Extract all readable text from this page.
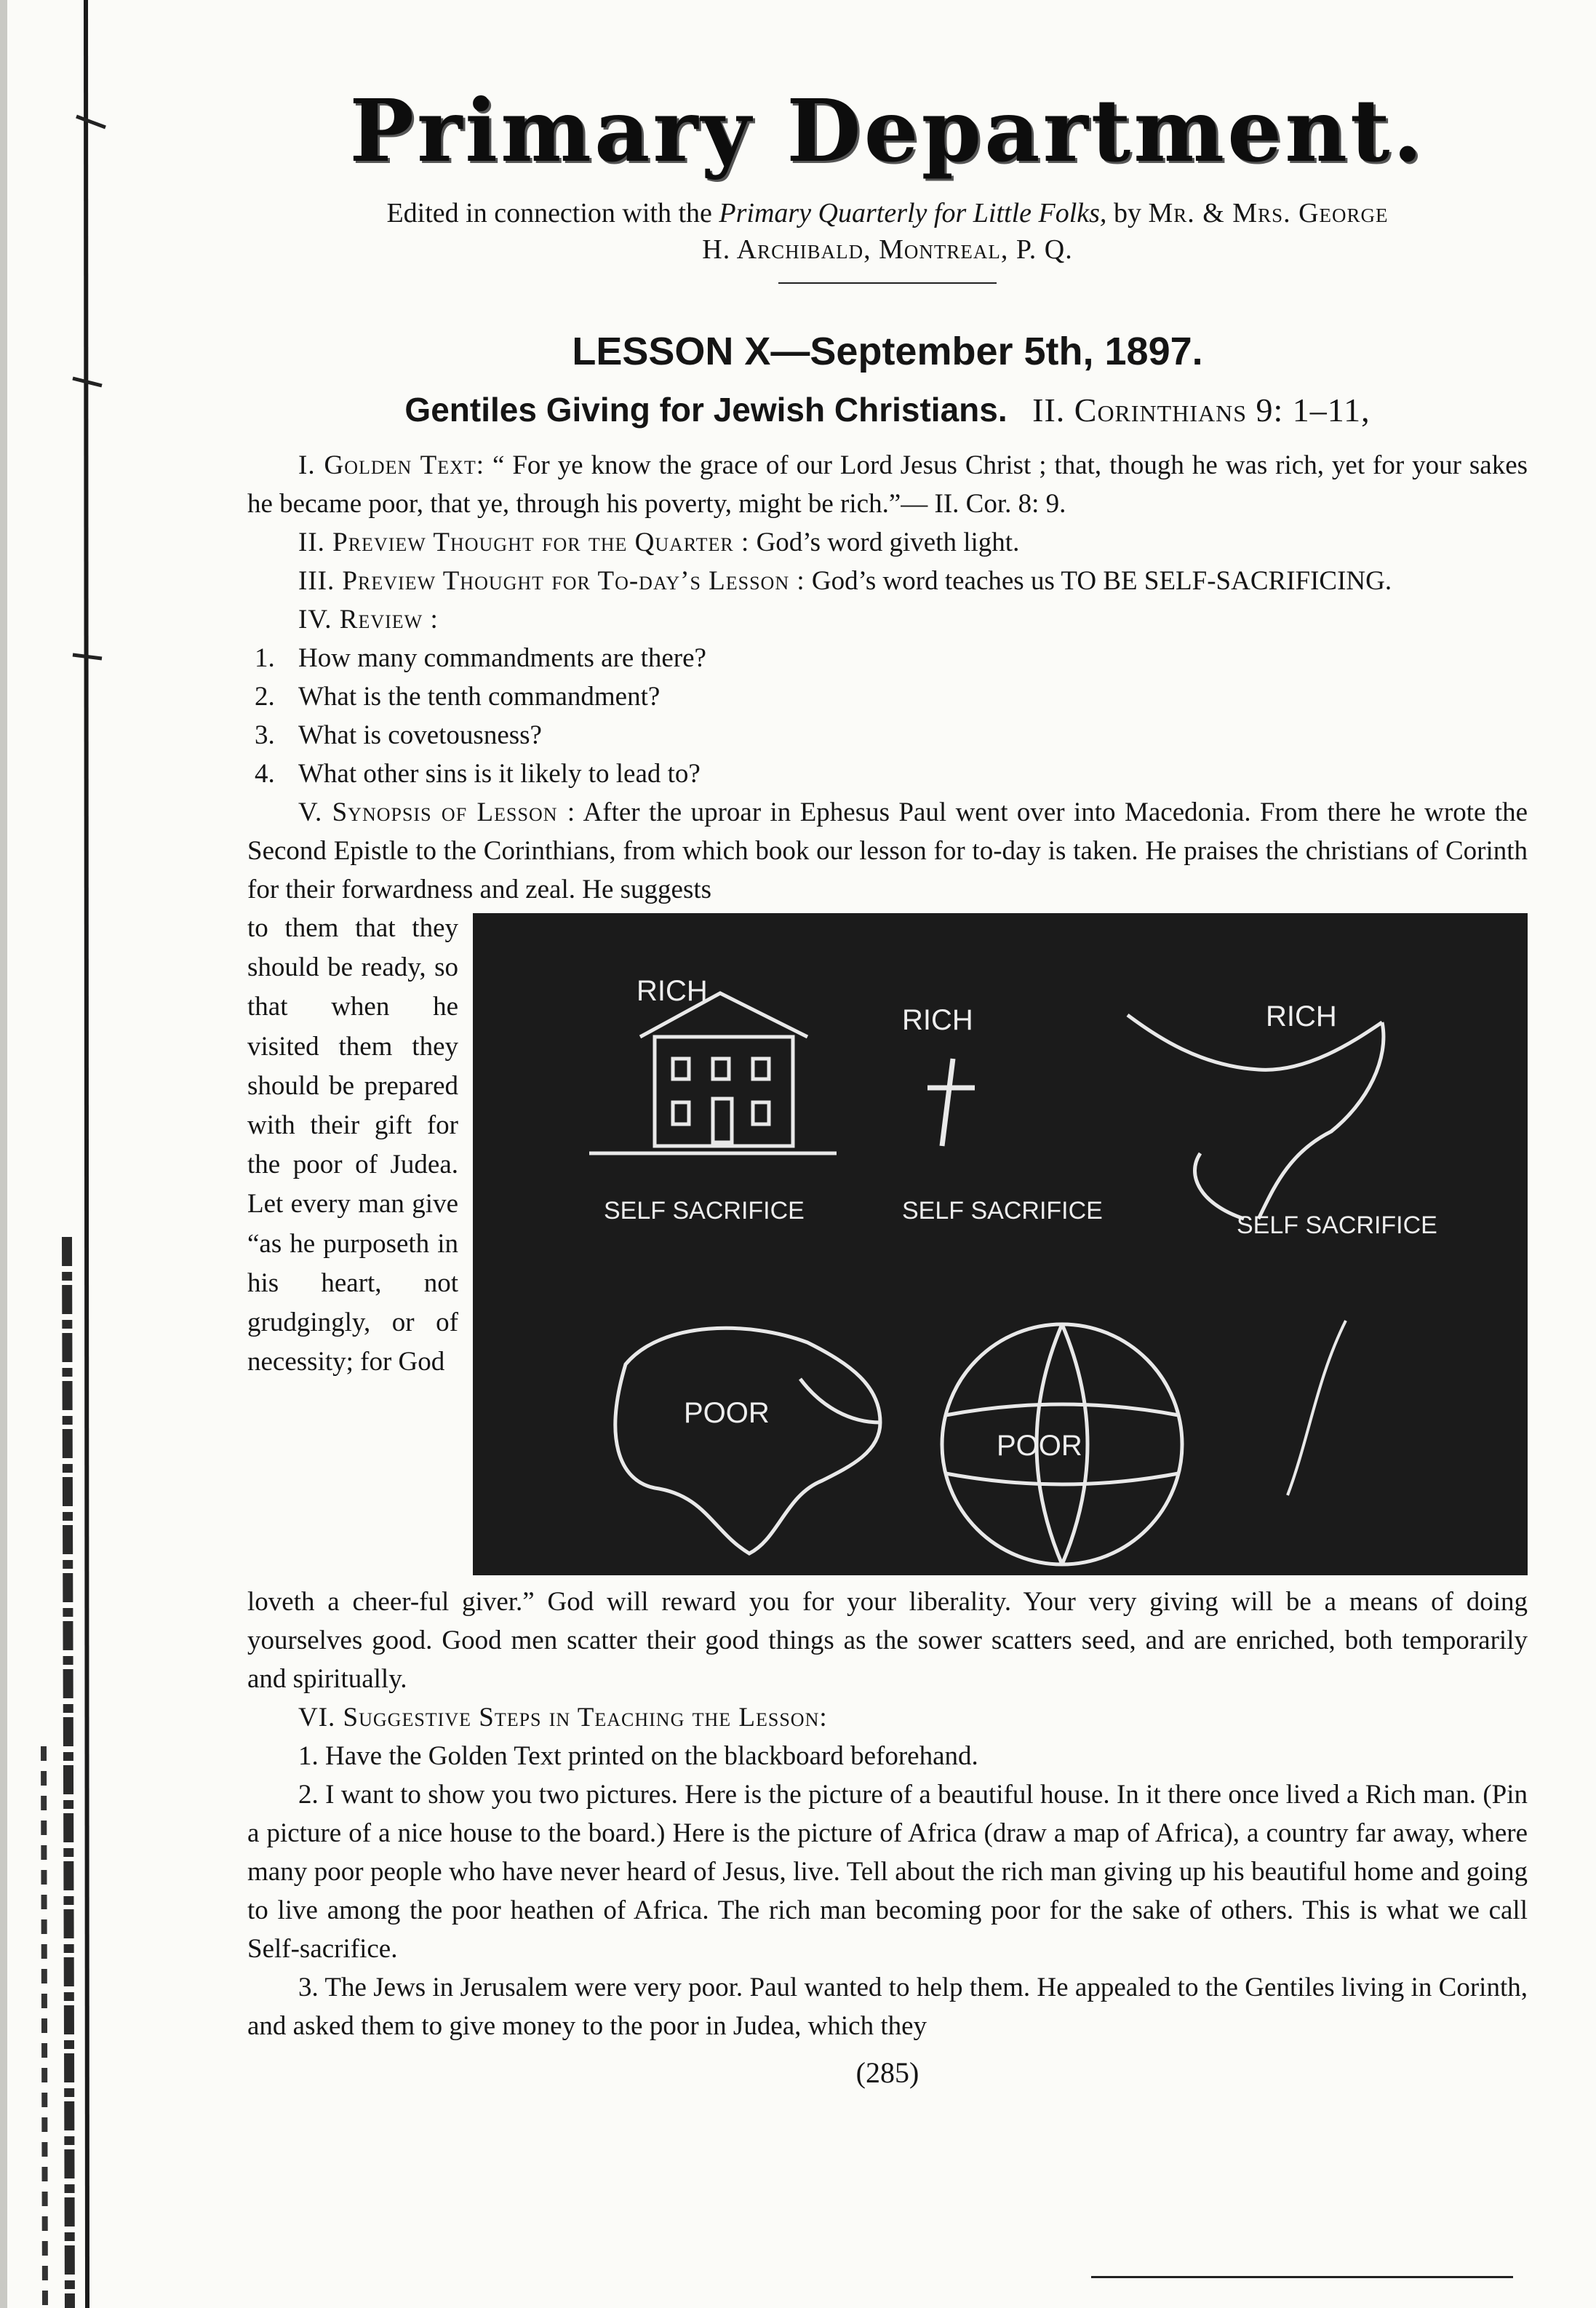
Primary Department.
Edited in connection with the Primary Quarterly for Little Folks, by Mr. & Mrs. George
H. Archibald, Montreal, P. Q.
LESSON X—September 5th, 1897.
Gentiles Giving for Jewish Christians. II. Corinthians 9: 1–11,

I. Golden Text: “ For ye know the grace of our Lord Jesus Christ ; that, though he was rich, yet for your sakes he became poor, that ye, through his poverty, might be rich.”— II. Cor. 8: 9.

II. Preview Thought for the Quarter : God’s word giveth light.

III. Preview Thought for To-day’s Lesson : God’s word teaches us TO BE SELF-SACRIFICING.

IV. Review :

1. How many commandments are there?
2. What is the tenth commandment?
3. What is covetousness?
4. What other sins is it likely to lead to?

V. Synopsis of Lesson : After the uproar in Ephesus Paul went over into Macedonia. From there he wrote the Second Epistle to the Corinthians, from which book our lesson for to-day is taken. He praises the christians of Corinth for their forwardness and zeal. He suggests

RICH
RICH	RICH
SELF SACRIFICE	SELF SACRIFICE
SELF SACRIFICE
POOR
POOR

to them that they should be ready, so that when he visited them they should be prepared with their gift for the poor of Judea. Let every man give “as he purposeth in his heart, not grudgingly, or of necessity; for God

loveth a cheer-ful giver.” God will reward you for your liberality. Your very giving will be a means of doing yourselves good. Good men scatter their good things as the sower scatters seed, and are enriched, both temporarily and spiritually.

VI. Suggestive Steps in Teaching the Lesson:

1. Have the Golden Text printed on the blackboard beforehand.

2. I want to show you two pictures. Here is the picture of a beautiful house. In it there once lived a Rich man. (Pin a picture of a nice house to the board.) Here is the picture of Africa (draw a map of Africa), a country far away, where many poor people who have never heard of Jesus, live. Tell about the rich man giving up his beautiful home and going to live among the poor heathen of Africa. The rich man becoming poor for the sake of others. This is what we call Self-sacrifice.

3. The Jews in Jerusalem were very poor. Paul wanted to help them. He appealed to the Gentiles living in Corinth, and asked them to give money to the poor in Judea, which they

(285)
